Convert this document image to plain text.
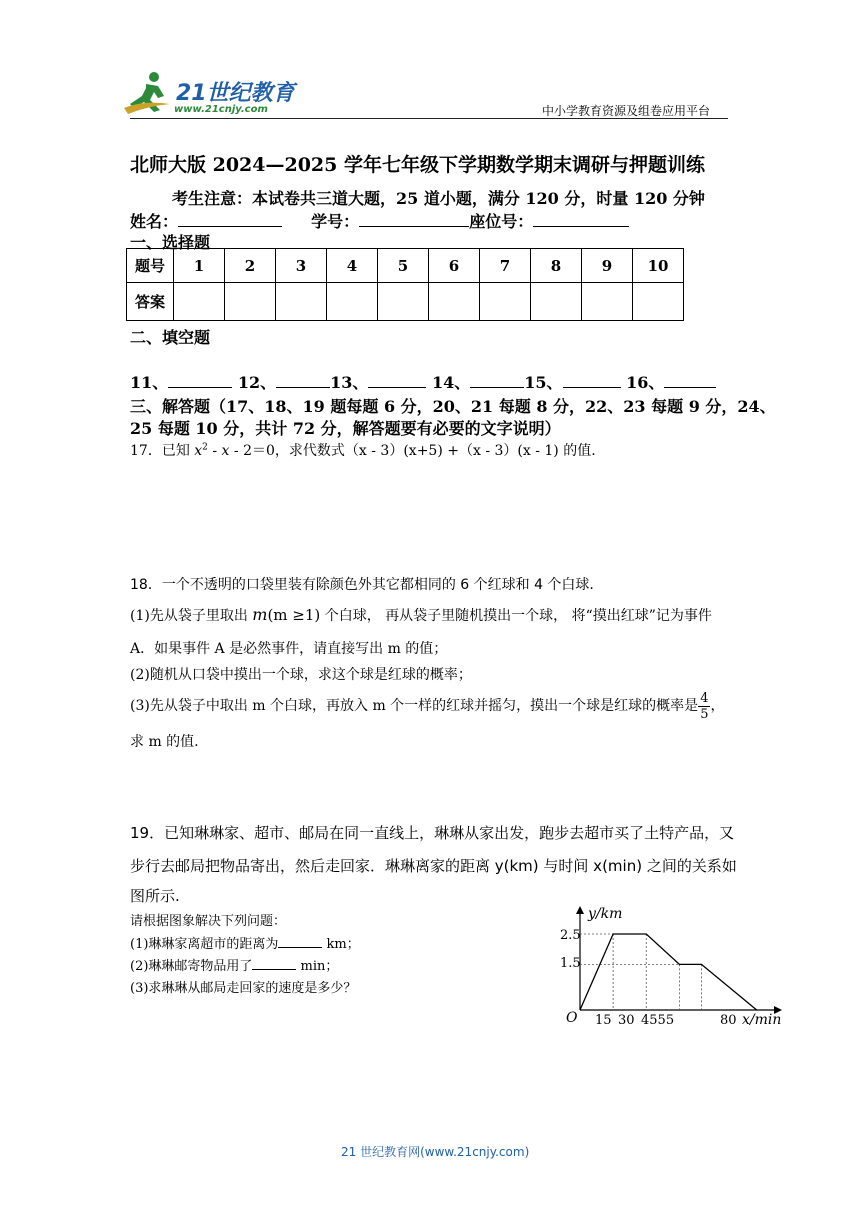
21世纪教育
www.21cnjy.com	中小学教育资源及组卷应用平台
北师大版 2024—2025 学年七年级下学期数学期末调研与押题训练
考生注意：本试卷共三道大题，25 道小题，满分 120 分，时量 120 分钟
姓名：	学号：	座位号：
一、选择题
题号	1	2	3	4	5	6	7	8	9	10
答案										
二、填空题
11、	12、	13、	14、	15、	16、
三、解答题（17、18、19 题每题 6 分，20、21 每题 8 分，22、23 每题 9 分，24、
25 每题 10 分，共计 72 分，解答题要有必要的文字说明）
17．已知 $x^2 - x - 2=0$，求代数式（x - 3）(x+5) +（x - 3）(x - 1) 的值.
18．一个不透明的口袋里装有除颜色外其它都相同的 6 个红球和 4 个白球.
(1)先从袋子里取出 m(m ≥1) 个白球， 再从袋子里随机摸出一个球， 将“摸出红球”记为事件
A．如果事件 A 是必然事件，请直接写出 m 的值；
(2)随机从口袋中摸出一个球，求这个球是红球的概率；
(3)先从袋子中取出 m 个白球，再放入 m 个一样的红球并摇匀，摸出一个球是红球的概率是 $\frac{4}{5}$ ，
求 m 的值.
19．已知琳琳家、超市、邮局在同一直线上，琳琳从家出发，跑步去超市买了土特产品，又
步行去邮局把物品寄出，然后走回家．琳琳离家的距离 y(km) 与时间 x(min) 之间的关系如
图所示.
请根据图象解决下列问题：
(1)琳琳家离超市的距离为	km；
(2)琳琳邮寄物品用了	min；
(3)求琳琳从邮局走回家的速度是多少？
y/km
x/min
O
2.5
1.5
15 30 4555	80
21 世纪教育网(www.21cnjy.com)
